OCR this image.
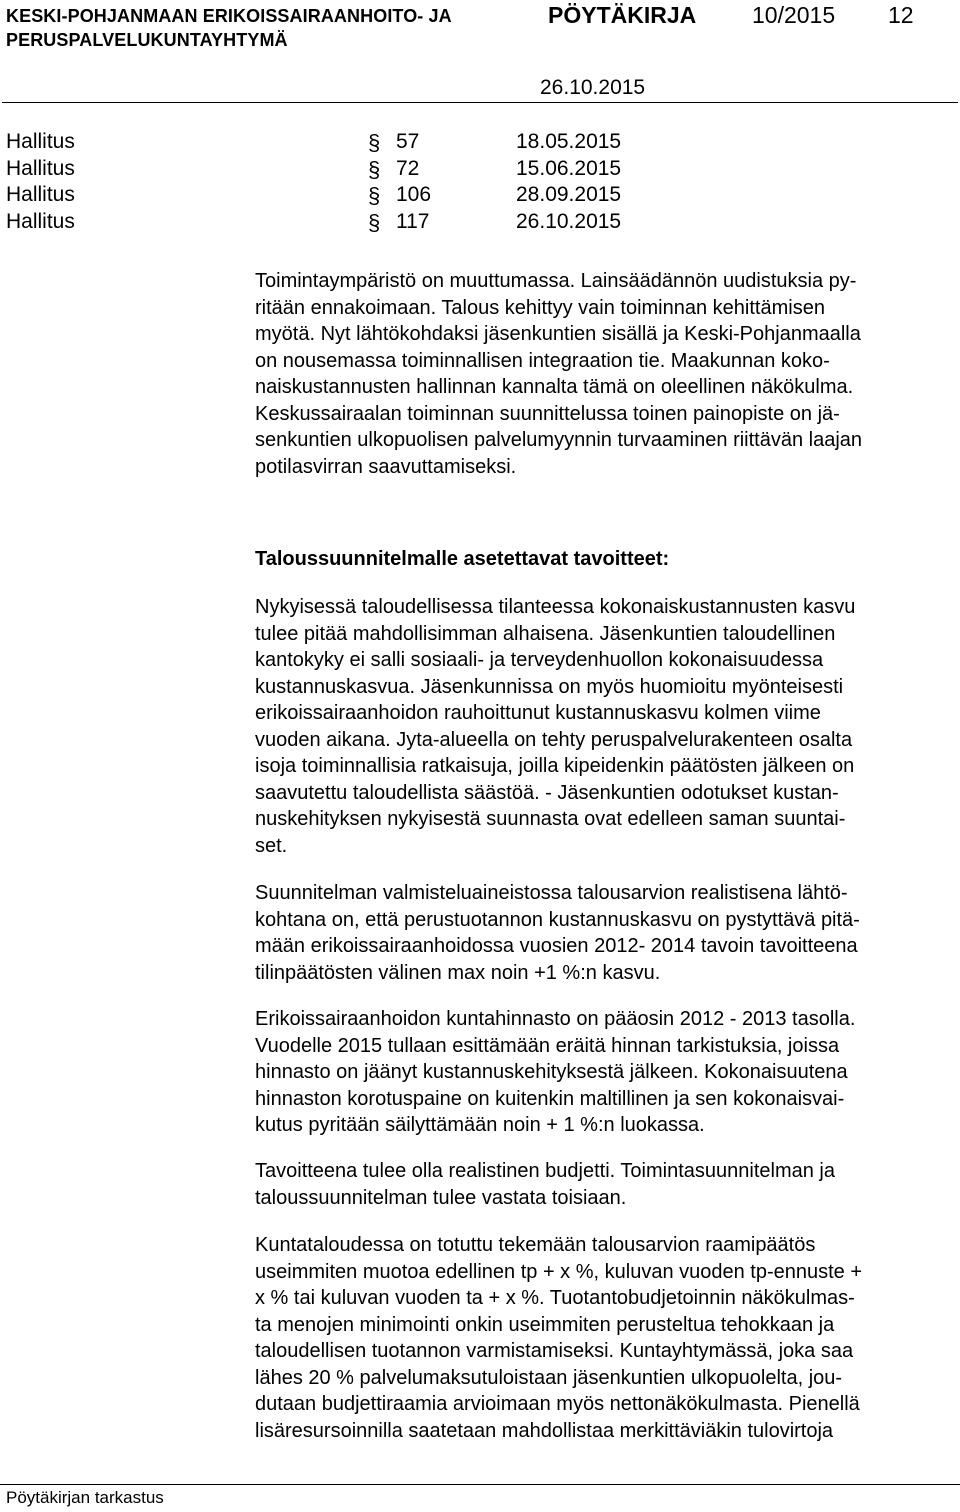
KESKI-POHJANMAAN ERIKOISSAIRAANHOITO- JA
PERUSPALVELUKUNTAYHTYMÄ
PÖYTÄKIRJA 10/2015 12
26.10.2015
Hallitus	§ 57	18.05.2015
Hallitus	§ 72	15.06.2015
Hallitus	§ 106	28.09.2015
Hallitus	§ 117	26.10.2015

Toimintaympäristö on muuttumassa. Lainsäädännön uudistuksia py-
ritään ennakoimaan. Talous kehittyy vain toiminnan kehittämisen
myötä. Nyt lähtökohdaksi jäsenkuntien sisällä ja Keski-Pohjanmaalla
on nousemassa toiminnallisen integraation tie. Maakunnan koko-
naiskustannusten hallinnan kannalta tämä on oleellinen näkökulma.
Keskussairaalan toiminnan suunnittelussa toinen painopiste on jä-
senkuntien ulkopuolisen palvelumyynnin turvaaminen riittävän laajan
potilasvirran saavuttamiseksi.

Taloussuunnitelmalle asetettavat tavoitteet:

Nykyisessä taloudellisessa tilanteessa kokonaiskustannusten kasvu
tulee pitää mahdollisimman alhaisena. Jäsenkuntien taloudellinen
kantokyky ei salli sosiaali- ja terveydenhuollon kokonaisuudessa
kustannuskasvua. Jäsenkunnissa on myös huomioitu myönteisesti
erikoissairaanhoidon rauhoittunut kustannuskasvu kolmen viime
vuoden aikana. Jyta-alueella on tehty peruspalvelurakenteen osalta
isoja toiminnallisia ratkaisuja, joilla kipeidenkin päätösten jälkeen on
saavutettu taloudellista säästöä. - Jäsenkuntien odotukset kustan-
nuskehityksen nykyisestä suunnasta ovat edelleen saman suuntai-
set.

Suunnitelman valmisteluaineistossa talousarvion realistisena lähtö-
kohtana on, että perustuotannon kustannuskasvu on pystyttävä pitä-
mään erikoissairaanhoidossa vuosien 2012- 2014 tavoin tavoitteena
tilinpäätösten välinen max noin +1 %:n kasvu.

Erikoissairaanhoidon kuntahinnasto on pääosin 2012 - 2013 tasolla.
Vuodelle 2015 tullaan esittämään eräitä hinnan tarkistuksia, joissa
hinnasto on jäänyt kustannuskehityksestä jälkeen. Kokonaisuutena
hinnaston korotuspaine on kuitenkin maltillinen ja sen kokonaisvai-
kutus pyritään säilyttämään noin + 1 %:n luokassa.

Tavoitteena tulee olla realistinen budjetti. Toimintasuunnitelman ja
taloussuunnitelman tulee vastata toisiaan.

Kuntataloudessa on totuttu tekemään talousarvion raamipäätös
useimmiten muotoa edellinen tp + x %, kuluvan vuoden tp-ennuste +
x % tai kuluvan vuoden ta + x %. Tuotantobudjetoinnin näkökulmas-
ta menojen minimointi onkin useimmiten perusteltua tehokkaan ja
taloudellisen tuotannon varmistamiseksi. Kuntayhtymässä, joka saa
lähes 20 % palvelumaksutuloistaan jäsenkuntien ulkopuolelta, jou-
dutaan budjettiraamia arvioimaan myös nettonäkökulmasta. Pienellä
lisäresursoinnilla saatetaan mahdollistaa merkittäviäkin tulovirtoja

Pöytäkirjan tarkastus
